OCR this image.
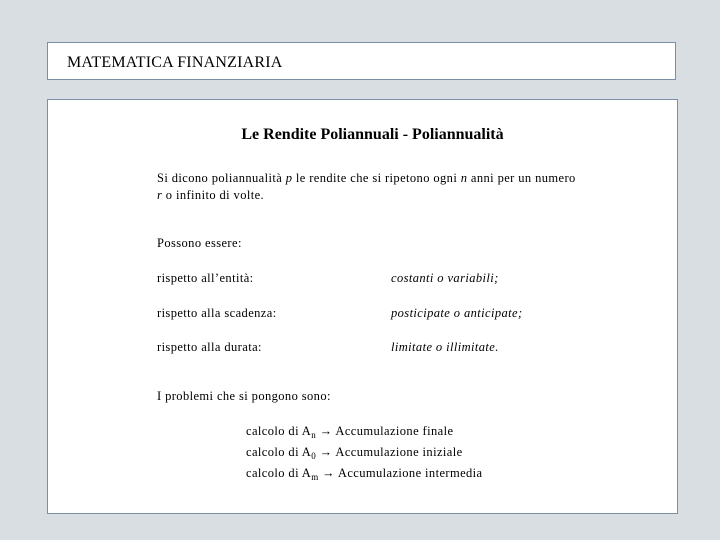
MATEMATICA FINANZIARIA
Le Rendite Poliannuali - Poliannualità
Si dicono poliannualità p le rendite che si ripetono ogni n anni per un numero r o infinito di volte.
Possono essere:
rispetto all’entità:	costanti o variabili;
rispetto alla scadenza:	posticipate o anticipate;
rispetto alla durata:	limitate o illimitate.
I problemi che si pongono sono:
calcolo di $A_n$ → Accumulazione finale
calcolo di $A_0$ → Accumulazione iniziale
calcolo di $A_m$ → Accumulazione intermedia
